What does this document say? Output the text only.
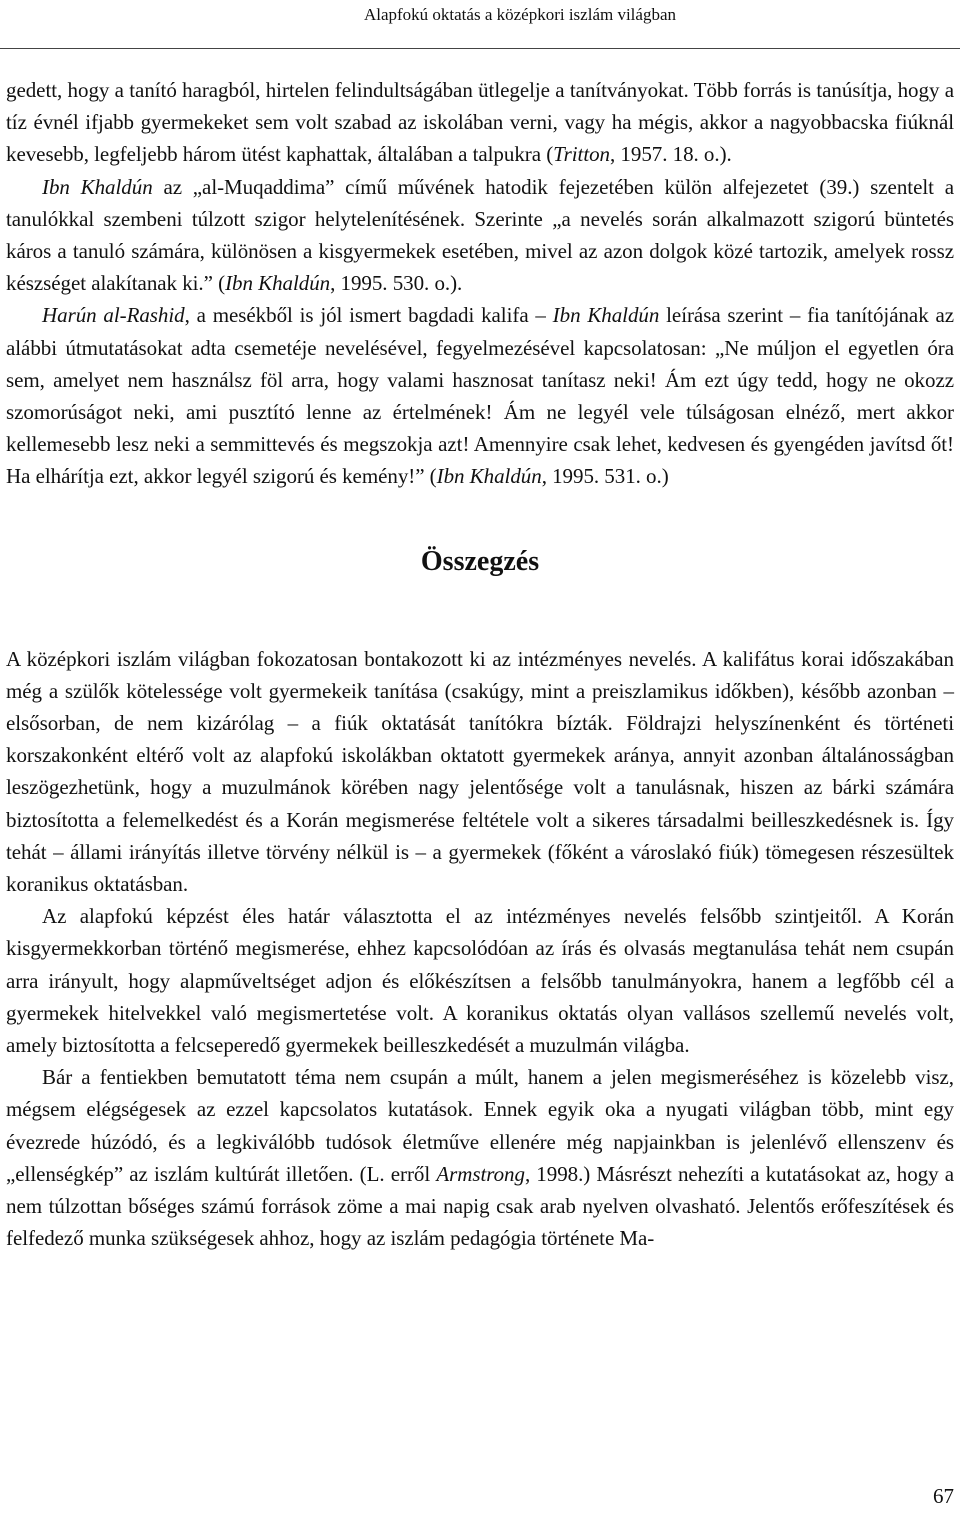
Alapfokú oktatás a középkori iszlám világban

gedett, hogy a tanító haragból, hirtelen felindultságában ütlegelje a tanítványokat. Több forrás is tanúsítja, hogy a tíz évnél ifjabb gyermekeket sem volt szabad az iskolában verni, vagy ha mégis, akkor a nagyobbacska fiúknál kevesebb, legfeljebb három ütést kaphattak, általában a talpukra (Tritton, 1957. 18. o.).

Ibn Khaldún az „al-Muqaddima” című művének hatodik fejezetében külön alfejezetet (39.) szentelt a tanulókkal szembeni túlzott szigor helytelenítésének. Szerinte „a nevelés során alkalmazott szigorú büntetés káros a tanuló számára, különösen a kisgyermekek esetében, mivel az azon dolgok közé tartozik, amelyek rossz készséget alakítanak ki.” (Ibn Khaldún, 1995. 530. o.).

Harún al-Rashid, a mesékből is jól ismert bagdadi kalifa – Ibn Khaldún leírása szerint – fia tanítójának az alábbi útmutatásokat adta csemetéje nevelésével, fegyelmezésével kapcsolatosan: „Ne múljon el egyetlen óra sem, amelyet nem használsz föl arra, hogy valami hasznosat tanítasz neki! Ám ezt úgy tedd, hogy ne okozz szomorúságot neki, ami pusztító lenne az értelmének! Ám ne legyél vele túlságosan elnéző, mert akkor kellemesebb lesz neki a semmittevés és megszokja azt! Amennyire csak lehet, kedvesen és gyengéden javítsd őt! Ha elhárítja ezt, akkor legyél szigorú és kemény!” (Ibn Khaldún, 1995. 531. o.)

Összegzés

A középkori iszlám világban fokozatosan bontakozott ki az intézményes nevelés. A kalifátus korai időszakában még a szülők kötelessége volt gyermekeik tanítása (csakúgy, mint a preiszlamikus időkben), később azonban – elsősorban, de nem kizárólag – a fiúk oktatását tanítókra bízták. Földrajzi helyszínenként és történeti korszakonként eltérő volt az alapfokú iskolákban oktatott gyermekek aránya, annyit azonban általánosságban leszögezhetünk, hogy a muzulmánok körében nagy jelentősége volt a tanulásnak, hiszen az bárki számára biztosította a felemelkedést és a Korán megismerése feltétele volt a sikeres társadalmi beilleszkedésnek is. Így tehát – állami irányítás illetve törvény nélkül is – a gyermekek (főként a városlakó fiúk) tömegesen részesültek koranikus oktatásban.

Az alapfokú képzést éles határ választotta el az intézményes nevelés felsőbb szintjeitől. A Korán kisgyermekkorban történő megismerése, ehhez kapcsolódóan az írás és olvasás megtanulása tehát nem csupán arra irányult, hogy alapműveltséget adjon és előkészítsen a felsőbb tanulmányokra, hanem a legfőbb cél a gyermekek hitelvekkel való megismertetése volt. A koranikus oktatás olyan vallásos szellemű nevelés volt, amely biztosította a felcseperedő gyermekek beilleszkedését a muzulmán világba.

Bár a fentiekben bemutatott téma nem csupán a múlt, hanem a jelen megismeréséhez is közelebb visz, mégsem elégségesek az ezzel kapcsolatos kutatások. Ennek egyik oka a nyugati világban több, mint egy évezrede húzódó, és a legkiválóbb tudósok életműve ellenére még napjainkban is jelenlévő ellenszenv és „ellenségkép” az iszlám kultúrát illetően. (L. erről Armstrong, 1998.) Másrészt nehezíti a kutatásokat az, hogy a nem túlzottan bőséges számú források zöme a mai napig csak arab nyelven olvasható. Jelentős erőfeszítések és felfedező munka szükségesek ahhoz, hogy az iszlám pedagógia története Ma-

67
